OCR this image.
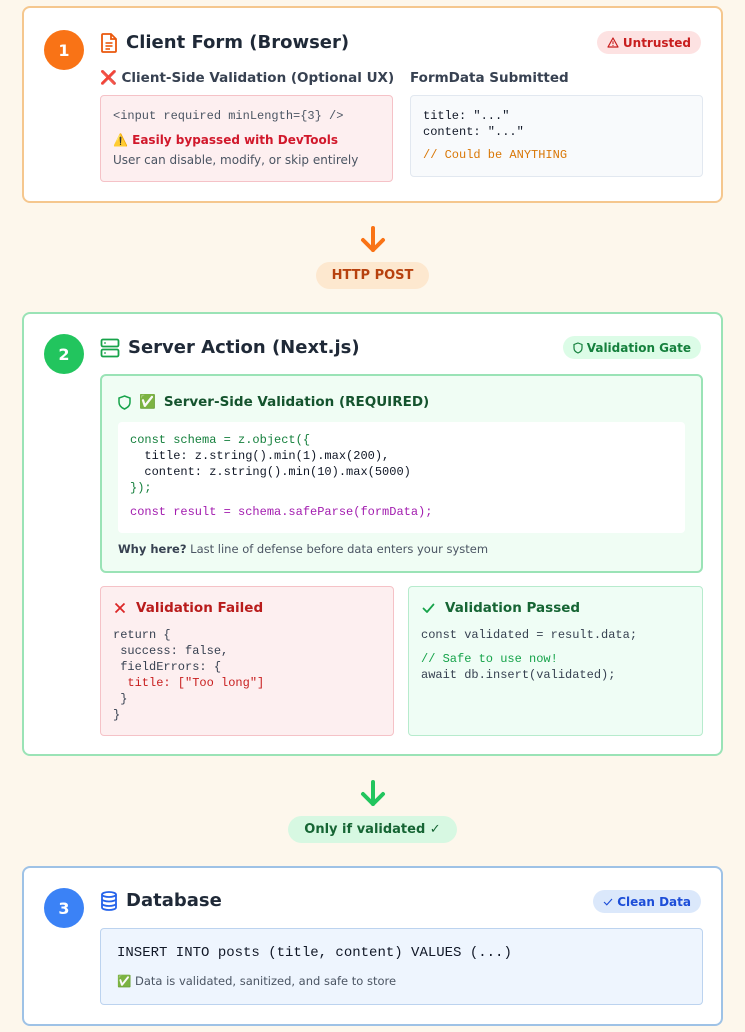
1	Client Form (Browser)	Untrusted
❌ Client-Side Validation (Optional UX)
<input required minLength={3} />
⚠️ Easily bypassed with DevTools
User can disable, modify, or skip entirely
FormData Submitted
title: "..."
content: "..."
// Could be ANYTHING
HTTP POST
2	Server Action (Next.js)	Validation Gate
✅ Server-Side Validation (REQUIRED)
const schema = z.object({
title: z.string().min(1).max(200),
content: z.string().min(10).max(5000)
});
const result = schema.safeParse(formData);
Why here? Last line of defense before data enters your system
Validation Failed
return {
success: false,
fieldErrors: {
title: ["Too long"]
}
}
Validation Passed
const validated = result.data;
// Safe to use now!
await db.insert(validated);
Only if validated ✓
3	Database	Clean Data
INSERT INTO posts (title, content) VALUES (...)
✅ Data is validated, sanitized, and safe to store
